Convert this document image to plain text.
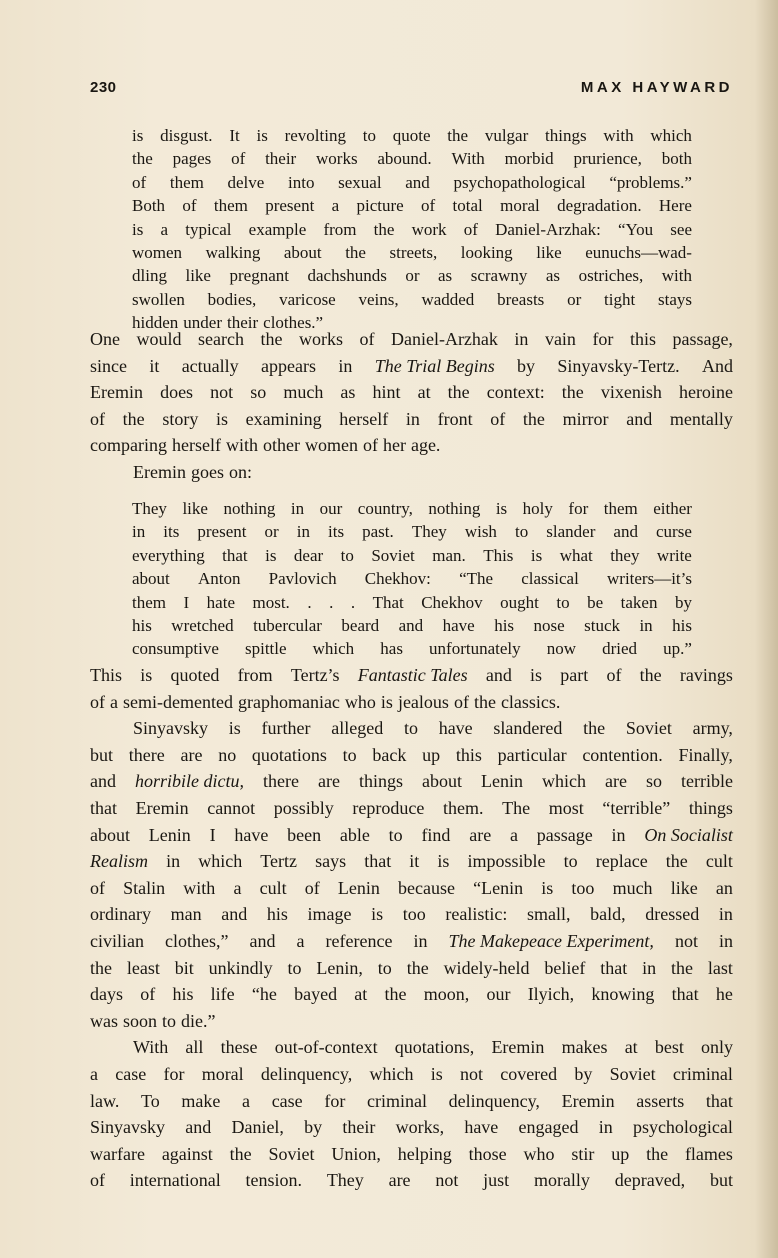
230	MAX HAYWARD
is disgust. It is revolting to quote the vulgar things with which
the pages of their works abound. With morbid prurience, both
of them delve into sexual and psychopathological “problems.”
Both of them present a picture of total moral degradation. Here
is a typical example from the work of Daniel-Arzhak: “You see
women walking about the streets, looking like eunuchs—wad-
dling like pregnant dachshunds or as scrawny as ostriches, with
swollen bodies, varicose veins, wadded breasts or tight stays
hidden under their clothes.”
One would search the works of Daniel-Arzhak in vain for this passage,
since it actually appears in The Trial Begins by Sinyavsky-Tertz. And
Eremin does not so much as hint at the context: the vixenish heroine
of the story is examining herself in front of the mirror and mentally
comparing herself with other women of her age.
Eremin goes on:
They like nothing in our country, nothing is holy for them either
in its present or in its past. They wish to slander and curse
everything that is dear to Soviet man. This is what they write
about Anton Pavlovich Chekhov: “The classical writers—it’s
them I hate most. . . . That Chekhov ought to be taken by
his wretched tubercular beard and have his nose stuck in his
consumptive spittle which has unfortunately now dried up.”
This is quoted from Tertz’s Fantastic Tales and is part of the ravings
of a semi-demented graphomaniac who is jealous of the classics.
Sinyavsky is further alleged to have slandered the Soviet army,
but there are no quotations to back up this particular contention. Finally,
and horribile dictu, there are things about Lenin which are so terrible
that Eremin cannot possibly reproduce them. The most “terrible” things
about Lenin I have been able to find are a passage in On Socialist
Realism in which Tertz says that it is impossible to replace the cult
of Stalin with a cult of Lenin because “Lenin is too much like an
ordinary man and his image is too realistic: small, bald, dressed in
civilian clothes,” and a reference in The Makepeace Experiment, not in
the least bit unkindly to Lenin, to the widely-held belief that in the last
days of his life “he bayed at the moon, our Ilyich, knowing that he
was soon to die.”
With all these out-of-context quotations, Eremin makes at best only
a case for moral delinquency, which is not covered by Soviet criminal
law. To make a case for criminal delinquency, Eremin asserts that
Sinyavsky and Daniel, by their works, have engaged in psychological
warfare against the Soviet Union, helping those who stir up the flames
of international tension. They are not just morally depraved, but
